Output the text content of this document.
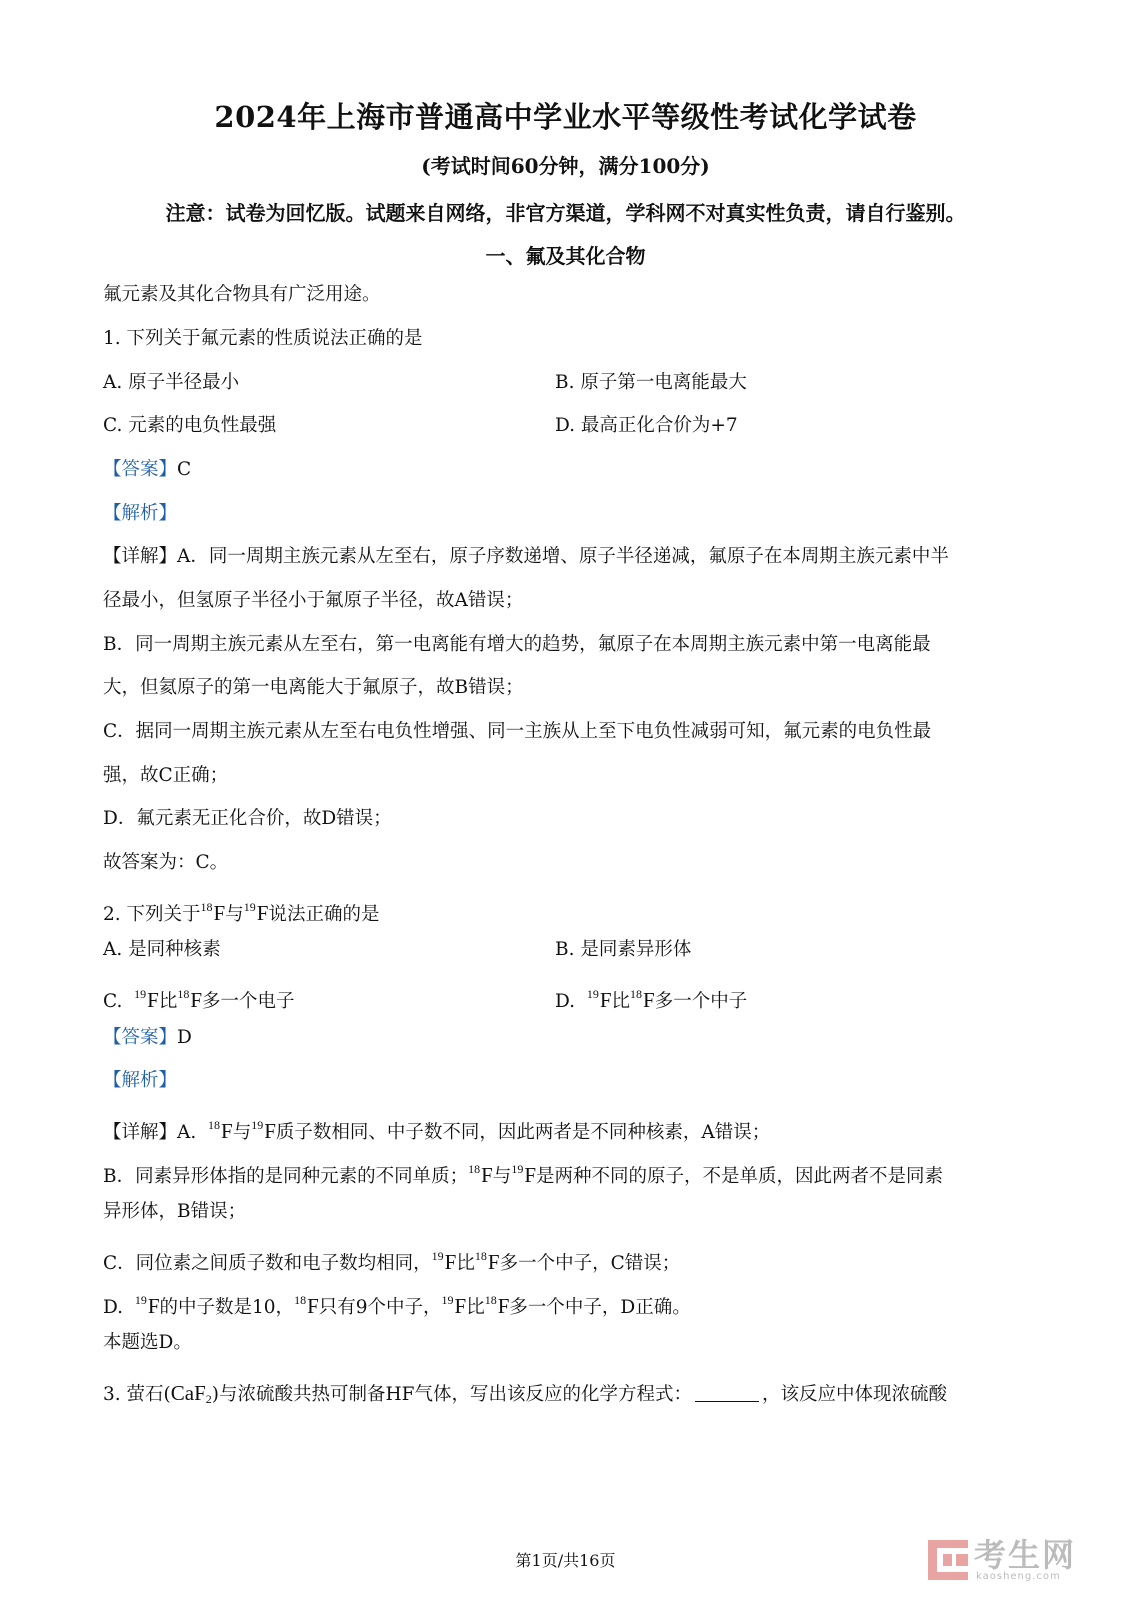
2024年上海市普通高中学业水平等级性考试化学试卷
(考试时间60分钟，满分100分)
注意：试卷为回忆版。试题来自网络，非官方渠道，学科网不对真实性负责，请自行鉴别。
一、氟及其化合物
氟元素及其化合物具有广泛用途。
1. 下列关于氟元素的性质说法正确的是
A. 原子半径最小	B. 原子第一电离能最大
C. 元素的电负性最强	D. 最高正化合价为+7
【答案】C
【解析】
【详解】A．同一周期主族元素从左至右，原子序数递增、原子半径递减，氟原子在本周期主族元素中半
径最小，但氢原子半径小于氟原子半径，故A错误；
B．同一周期主族元素从左至右，第一电离能有增大的趋势，氟原子在本周期主族元素中第一电离能最
大，但氦原子的第一电离能大于氟原子，故B错误；
C．据同一周期主族元素从左至右电负性增强、同一主族从上至下电负性减弱可知，氟元素的电负性最
强，故C正确；
D．氟元素无正化合价，故D错误；
故答案为：C。
2. 下列关于$^{18}$F与$^{19}$F说法正确的是
A. 是同种核素	B. 是同素异形体
C. $^{19}$F比$^{18}$F多一个电子	D. $^{19}$F比$^{18}$F多一个中子
【答案】D
【解析】
【详解】A. $^{18}$F与$^{19}$F质子数相同、中子数不同，因此两者是不同种核素，A错误；
B．同素异形体指的是同种元素的不同单质；$^{18}$F与$^{19}$F是两种不同的原子，不是单质，因此两者不是同素
异形体，B错误；
C．同位素之间质子数和电子数均相同，$^{19}$F比$^{18}$F多一个中子，C错误；
D. $^{19}$F的中子数是10，$^{18}$F只有9个中子，$^{19}$F比$^{18}$F多一个中子，D正确。
本题选D。
3. 萤石(CaF$_2$)与浓硫酸共热可制备HF气体，写出该反应的化学方程式：	，该反应中体现浓硫酸
第1页/共16页	考生网
kaosheng.com
